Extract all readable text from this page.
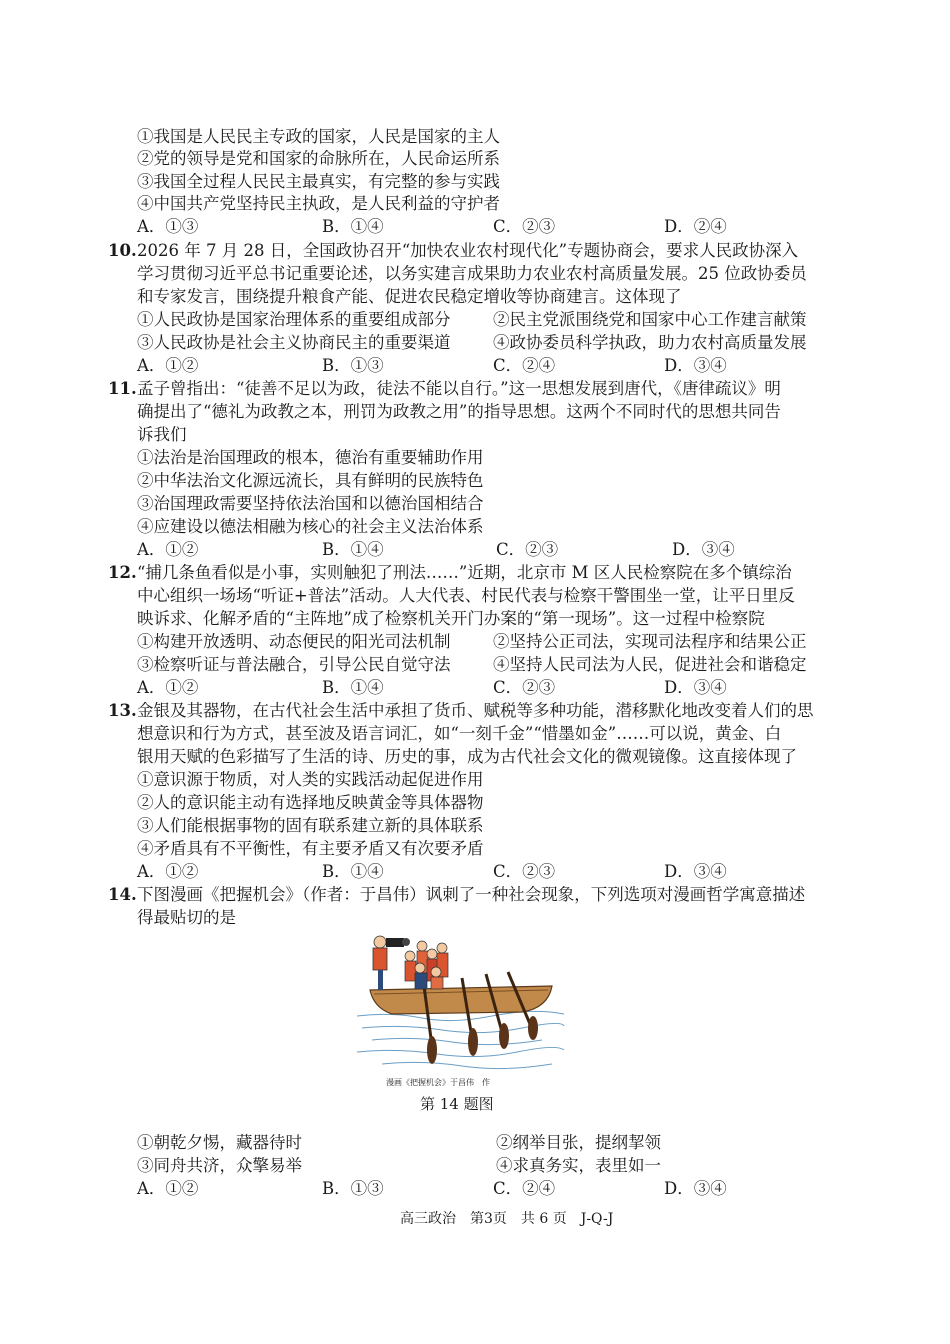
①我国是人民民主专政的国家，人民是国家的主人
②党的领导是党和国家的命脉所在，人民命运所系
③我国全过程人民民主最真实，有完整的参与实践
④中国共产党坚持民主执政，是人民利益的守护者
A．①③	B．①④	C．②③	D．②④
10. 2026 年 7 月 28 日，全国政协召开“加快农业农村现代化”专题协商会，要求人民政协深入
学习贯彻习近平总书记重要论述，以务实建言成果助力农业农村高质量发展。25 位政协委员
和专家发言，围绕提升粮食产能、促进农民稳定增收等协商建言。这体现了
①人民政协是国家治理体系的重要组成部分	②民主党派围绕党和国家中心工作建言献策
③人民政协是社会主义协商民主的重要渠道	④政协委员科学执政，助力农村高质量发展
A．①②	B．①③	C．②④	D．③④
11. 孟子曾指出：“徒善不足以为政，徒法不能以自行。”这一思想发展到唐代，《唐律疏议》明
确提出了“德礼为政教之本，刑罚为政教之用”的指导思想。这两个不同时代的思想共同告
诉我们
①法治是治国理政的根本，德治有重要辅助作用
②中华法治文化源远流长，具有鲜明的民族特色
③治国理政需要坚持依法治国和以德治国相结合
④应建设以德法相融为核心的社会主义法治体系
A．①②	B．①④	C．②③	D．③④
12. “捕几条鱼看似是小事，实则触犯了刑法……”近期，北京市 M 区人民检察院在多个镇综治
中心组织一场场“听证+普法”活动。人大代表、村民代表与检察干警围坐一堂，让平日里反
映诉求、化解矛盾的“主阵地”成了检察机关开门办案的“第一现场”。这一过程中检察院
①构建开放透明、动态便民的阳光司法机制	②坚持公正司法，实现司法程序和结果公正
③检察听证与普法融合，引导公民自觉守法	④坚持人民司法为人民，促进社会和谐稳定
A．①②	B．①④	C．②③	D．③④
13. 金银及其器物，在古代社会生活中承担了货币、赋税等多种功能，潜移默化地改变着人们的思
想意识和行为方式，甚至波及语言词汇，如“一刻千金”“惜墨如金”……可以说，黄金、白
银用天赋的色彩描写了生活的诗、历史的事，成为古代社会文化的微观镜像。这直接体现了
①意识源于物质，对人类的实践活动起促进作用
②人的意识能主动有选择地反映黄金等具体器物
③人们能根据事物的固有联系建立新的具体联系
④矛盾具有不平衡性，有主要矛盾又有次要矛盾
A．①②	B．①④	C．②③	D．③④
14. 下图漫画《把握机会》（作者：于昌伟）讽刺了一种社会现象，下列选项对漫画哲学寓意描述
得最贴切的是
漫画《把握机会》于昌伟　作
第 14 题图
①朝乾夕惕，藏器待时	②纲举目张，提纲挈领
③同舟共济，众擎易举	④求真务实，表里如一
A．①②	B．①③	C．②④	D．③④
高三政治　第3页　共 6 页　J-Q-J
